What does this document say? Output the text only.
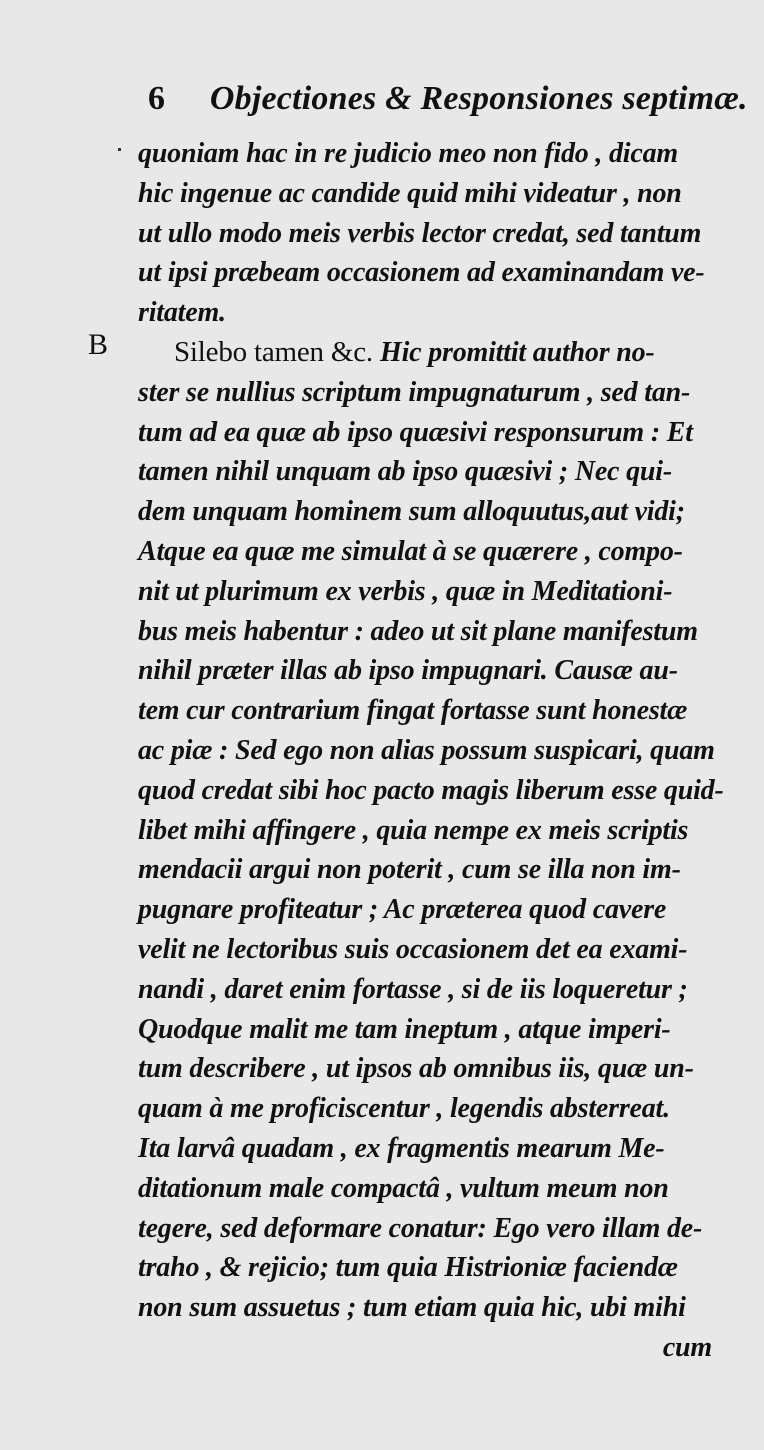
6 Objectiones & Responsiones septimæ.
B
quoniam hac in re judicio meo non fido , dicam
hic ingenue ac candide quid mihi videatur , non
ut ullo modo meis verbis lector credat, sed tantum
ut ipsi præbeam occasionem ad examinandam ve-
ritatem.
Silebo tamen &c. Hic promittit author no-
ster se nullius scriptum impugnaturum , sed tan-
tum ad ea quæ ab ipso quæsivi responsurum : Et
tamen nihil unquam ab ipso quæsivi ; Nec qui-
dem unquam hominem sum alloquutus,aut vidi;
Atque ea quæ me simulat à se quærere , compo-
nit ut plurimum ex verbis , quæ in Meditationi-
bus meis habentur : adeo ut sit plane manifestum
nihil præter illas ab ipso impugnari. Causæ au-
tem cur contrarium fingat fortasse sunt honestæ
ac piæ : Sed ego non alias possum suspicari, quam
quod credat sibi hoc pacto magis liberum esse quid-
libet mihi affingere , quia nempe ex meis scriptis
mendacii argui non poterit , cum se illa non im-
pugnare profiteatur ; Ac præterea quod cavere
velit ne lectoribus suis occasionem det ea exami-
nandi , daret enim fortasse , si de iis loqueretur ;
Quodque malit me tam ineptum , atque imperi-
tum describere , ut ipsos ab omnibus iis, quæ un-
quam à me proficiscentur , legendis absterreat.
Ita larvâ quadam , ex fragmentis mearum Me-
ditationum male compactâ , vultum meum non
tegere, sed deformare conatur: Ego vero illam de-
traho , & rejicio; tum quia Histrioniæ faciendæ
non sum assuetus ; tum etiam quia hic, ubi mihi
cum
